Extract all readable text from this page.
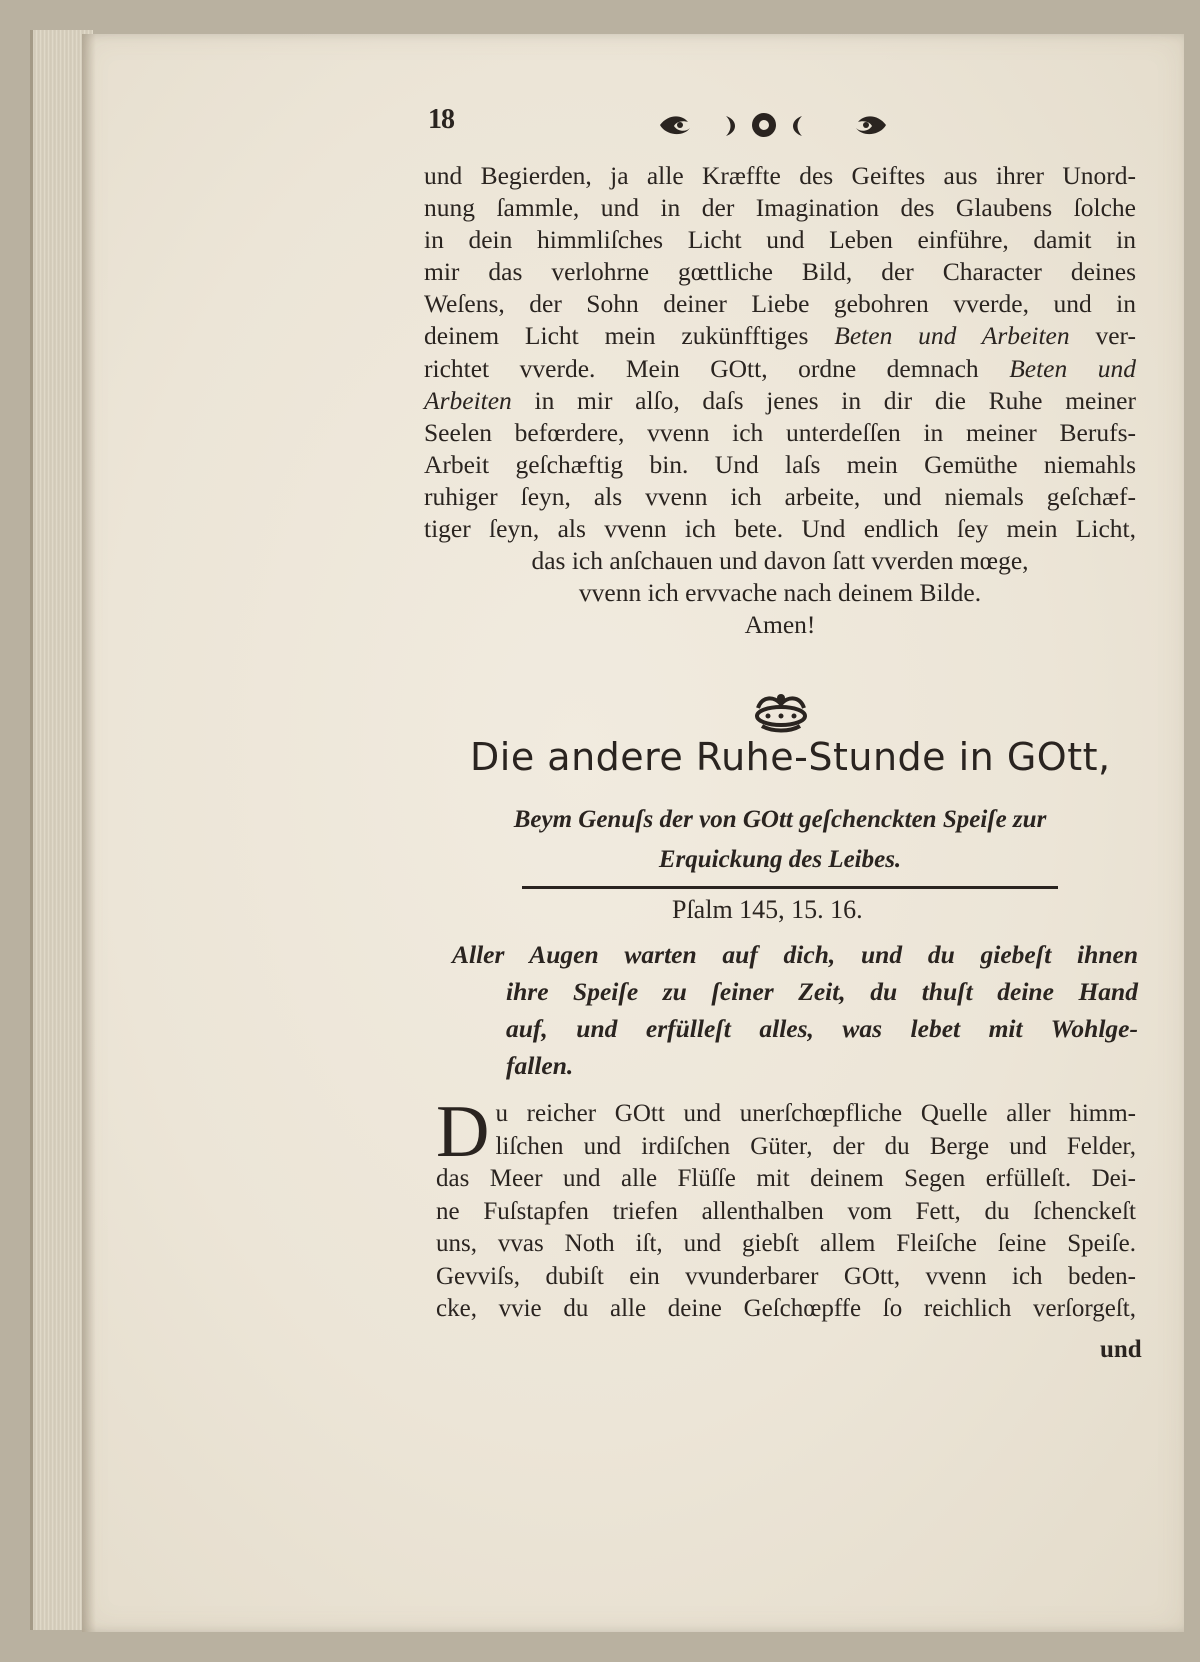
18
und Begierden, ja alle Kræffte des Geiftes aus ihrer Unord-
nung ſammle, und in der Imagination des Glaubens ſolche
in dein himmliſches Licht und Leben einführe, damit in
mir das verlohrne gœttliche Bild, der Character deines
Weſens, der Sohn deiner Liebe gebohren vverde, und in
deinem Licht mein zukünfftiges Beten und Arbeiten ver-
richtet vverde. Mein GOtt, ordne demnach Beten und
Arbeiten in mir alſo, daſs jenes in dir die Ruhe meiner
Seelen befœrdere, vvenn ich unterdeſſen in meiner Berufs-
Arbeit geſchæftig bin. Und laſs mein Gemüthe niemahls
ruhiger ſeyn, als vvenn ich arbeite, und niemals geſchæf-
tiger ſeyn, als vvenn ich bete. Und endlich ſey mein Licht,
das ich anſchauen und davon ſatt vverden mœge,
vvenn ich ervvache nach deinem Bilde.
Amen!
Die andere Ruhe-Stunde in GOtt,
Beym Genuſs der von GOtt geſchenckten Speiſe zur
Erquickung des Leibes.
Pſalm 145, 15. 16.
Aller Augen warten auf dich, und du giebeſt ihnen
ihre Speiſe zu ſeiner Zeit, du thuſt deine Hand
auf, und erfülleſt alles, was lebet mit Wohlge-
fallen.
D u reicher GOtt und unerſchœpfliche Quelle aller himm-
liſchen und irdiſchen Güter, der du Berge und Felder,
das Meer und alle Flüſſe mit deinem Segen erfülleſt. Dei-
ne Fuſstapfen triefen allenthalben vom Fett, du ſchenckeſt
uns, vvas Noth iſt, und giebſt allem Fleiſche ſeine Speiſe.
Gevviſs, dubiſt ein vvunderbarer GOtt, vvenn ich beden-
cke, vvie du alle deine Geſchœpffe ſo reichlich verſorgeſt,
und
